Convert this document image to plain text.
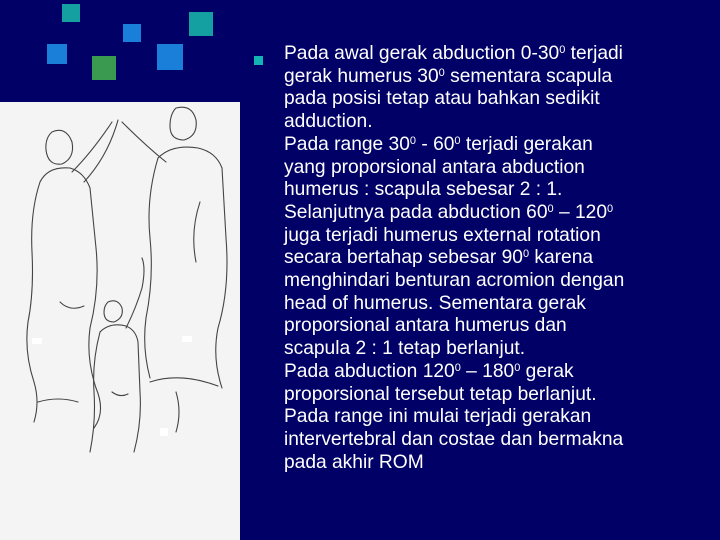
Pada awal gerak abduction $0-30^0$ terjadi
gerak humerus $30^0$ sementara scapula
pada posisi tetap atau bahkan sedikit
adduction.
Pada range $30^0 - 60^0$ terjadi gerakan
yang proporsional antara abduction
humerus : scapula sebesar 2 : 1.
Selanjutnya pada abduction $60^0 - 120^0$
juga terjadi humerus external rotation
secara bertahap sebesar $90^0$ karena
menghindari benturan acromion dengan
head of humerus. Sementara gerak
proporsional antara humerus dan
scapula 2 : 1 tetap berlanjut.
Pada abduction $120^0 - 180^0$ gerak
proporsional tersebut tetap berlanjut.
Pada range ini mulai terjadi gerakan
intervertebral dan costae dan bermakna
pada akhir ROM
